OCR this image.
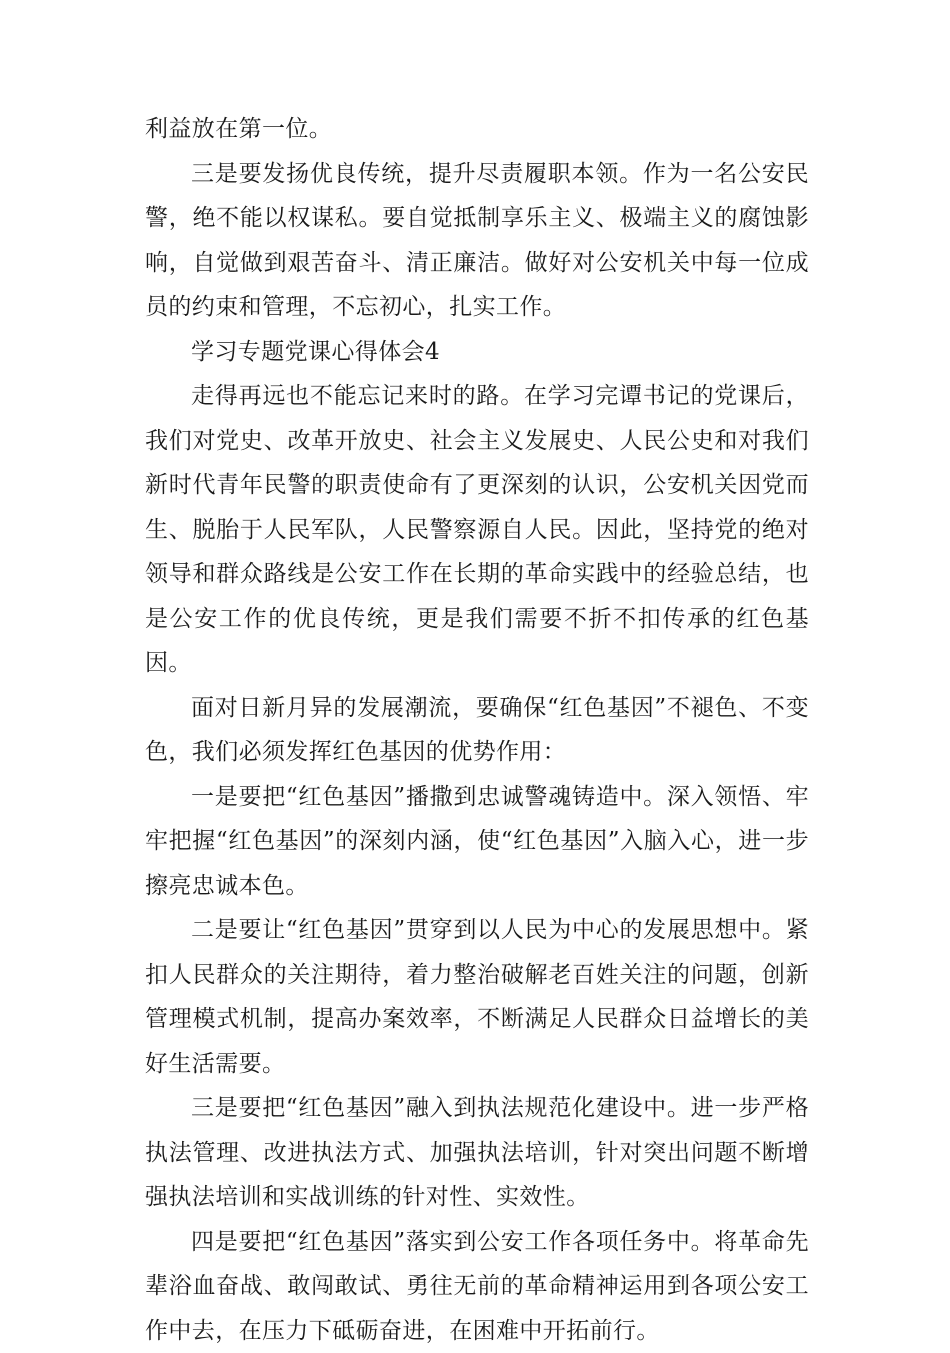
利益放在第一位。

三是要发扬优良传统，提升尽责履职本领。作为一名公安民警，绝不能以权谋私。要自觉抵制享乐主义、极端主义的腐蚀影响，自觉做到艰苦奋斗、清正廉洁。做好对公安机关中每一位成员的约束和管理，不忘初心，扎实工作。

学习专题党课心得体会4

走得再远也不能忘记来时的路。在学习完谭书记的党课后，我们对党史、改革开放史、社会主义发展史、人民公史和对我们新时代青年民警的职责使命有了更深刻的认识，公安机关因党而生、脱胎于人民军队，人民警察源自人民。因此，坚持党的绝对领导和群众路线是公安工作在长期的革命实践中的经验总结，也是公安工作的优良传统，更是我们需要不折不扣传承的红色基因。

面对日新月异的发展潮流，要确保“红色基因”不褪色、不变色，我们必须发挥红色基因的优势作用：

一是要把“红色基因”播撒到忠诚警魂铸造中。深入领悟、牢牢把握“红色基因”的深刻内涵，使“红色基因”入脑入心，进一步擦亮忠诚本色。

二是要让“红色基因”贯穿到以人民为中心的发展思想中。紧扣人民群众的关注期待，着力整治破解老百姓关注的问题，创新管理模式机制，提高办案效率，不断满足人民群众日益增长的美好生活需要。

三是要把“红色基因”融入到执法规范化建设中。进一步严格执法管理、改进执法方式、加强执法培训，针对突出问题不断增强执法培训和实战训练的针对性、实效性。

四是要把“红色基因”落实到公安工作各项任务中。将革命先辈浴血奋战、敢闯敢试、勇往无前的革命精神运用到各项公安工作中去，在压力下砥砺奋进，在困难中开拓前行。
